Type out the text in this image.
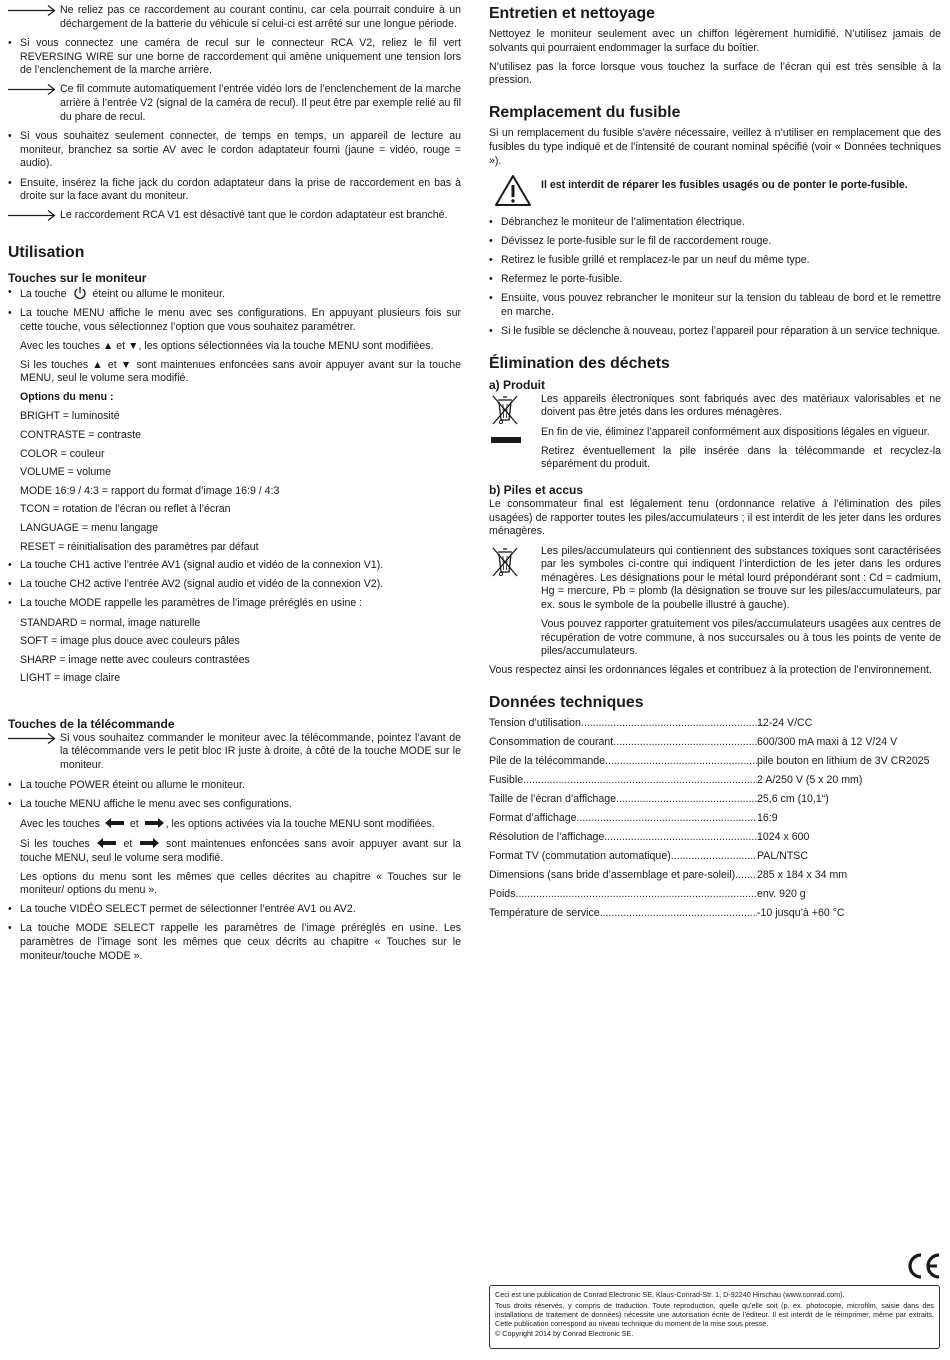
Ne reliez pas ce raccordement au courant continu, car cela pourrait conduire à un déchargement de la batterie du véhicule si celui-ci est arrêté sur une longue période.
• Si vous connectez une caméra de recul sur le connecteur RCA V2, reliez le fil vert REVERSING WIRE sur une borne de raccordement qui amène uniquement une tension lors de l’enclenchement de la marche arrière.
Ce fil commute automatiquement l’entrée vidéo lors de l’enclenchement de la marche arrière à l’entrée V2 (signal de la caméra de recul). Il peut être par exemple relié au fil du phare de recul.
• Si vous souhaitez seulement connecter, de temps en temps, un appareil de lecture au moniteur, branchez sa sortie AV avec le cordon adaptateur fourni (jaune = vidéo, rouge = audio).
• Ensuite, insérez la fiche jack du cordon adaptateur dans la prise de raccordement en bas à droite sur la face avant du moniteur.
Le raccordement RCA V1 est désactivé tant que le cordon adaptateur est branché.
Utilisation
Touches sur le moniteur
• La touche éteint ou allume le moniteur.
• La touche MENU affiche le menu avec ses configurations. En appuyant plusieurs fois sur cette touche, vous sélectionnez l’option que vous souhaitez paramétrer.

Avec les touches ▲ et ▼, les options sélectionnées via la touche MENU sont modifiées.

Si les touches ▲ et ▼ sont maintenues enfoncées sans avoir appuyer avant sur la touche MENU, seul le volume sera modifié.

Options du menu :

BRIGHT = luminosité
CONTRASTE = contraste
COLOR = couleur
VOLUME = volume
MODE 16:9 / 4:3 = rapport du format d’image 16:9 / 4:3
TCON = rotation de l’écran ou reflet à l’écran
LANGUAGE = menu langage
RESET = réinitialisation des paramètres par défaut
• La touche CH1 active l’entrée AV1 (signal audio et vidéo de la connexion V1).
• La touche CH2 active l’entrée AV2 (signal audio et vidéo de la connexion V2).
• La touche MODE rappelle les paramètres de l’image préréglés en usine :
STANDARD = normal, image naturelle
SOFT = image plus douce avec couleurs pâles
SHARP = image nette avec couleurs contrastées
LIGHT = image claire
Touches de la télécommande
Si vous souhaitez commander le moniteur avec la télécommande, pointez l’avant de la télécommande vers le petit bloc IR juste à droite, à côté de la touche MODE sur le moniteur.
• La touche POWER éteint ou allume le moniteur.
• La touche MENU affiche le menu avec ses configurations.

Avec les touches	et	, les options activées via la touche MENU sont modifiées.

Si les touches	et	sont maintenues enfoncées sans avoir appuyer avant sur la touche MENU, seul le volume sera modifié.

Les options du menu sont les mêmes que celles décrites au chapitre « Touches sur le moniteur/ options du menu ».

• La touche VIDÉO SELECT permet de sélectionner l’entrée AV1 ou AV2.
• La touche MODE SELECT rappelle les paramètres de l’image préréglés en usine. Les paramètres de l’image sont les mêmes que ceux décrits au chapitre « Touches sur le moniteur/touche MODE ».
Entretien et nettoyage

Nettoyez le moniteur seulement avec un chiffon légèrement humidifié. N’utilisez jamais de solvants qui pourraient endommager la surface du boîtier.

N’utilisez pas la force lorsque vous touchez la surface de l’écran qui est très sensible à la pression.

Remplacement du fusible

Si un remplacement du fusible s’avère nécessaire, veillez à n’utiliser en remplacement que des fusibles du type indiqué et de l’intensité de courant nominal spécifié (voir « Données techniques »).

Il est interdit de réparer les fusibles usagés ou de ponter le porte-fusible.
• Débranchez le moniteur de l’alimentation électrique.
• Dévissez le porte-fusible sur le fil de raccordement rouge.
• Retirez le fusible grillé et remplacez-le par un neuf du même type.
• Refermez le porte-fusible.
• Ensuite, vous pouvez rebrancher le moniteur sur la tension du tableau de bord et le remettre en marche.
• Si le fusible se déclenche à nouveau, portez l’appareil pour réparation à un service technique.
Élimination des déchets
a) Produit

Les appareils électroniques sont fabriqués avec des matériaux valorisables et ne doivent pas être jetés dans les ordures ménagères.

En fin de vie, éliminez l’appareil conformément aux dispositions légales en vigueur.

Retirez éventuellement la pile insérée dans la télécommande et recyclez-la séparément du produit.

b) Piles et accus

Le consommateur final est légalement tenu (ordonnance relative à l’élimination des piles usagées) de rapporter toutes les piles/accumulateurs ; il est interdit de les jeter dans les ordures ménagères.

Les piles/accumulateurs qui contiennent des substances toxiques sont caractérisées par les symboles ci-contre qui indiquent l’interdiction de les jeter dans les ordures ménagères. Les désignations pour le métal lourd prépondérant sont : Cd = cadmium, Hg = mercure, Pb = plomb (la désignation se trouve sur les piles/accumulateurs, par ex. sous le symbole de la poubelle illustré à gauche).

Vous pouvez rapporter gratuitement vos piles/accumulateurs usagées aux centres de récupération de votre commune, à nos succursales ou à tous les points de vente de piles/accumulateurs.

Vous respectez ainsi les ordonnances légales et contribuez à la protection de l’environnement.

Données techniques
Tension d’utilisation .....	12-24 V/CC
Consommation de courant .....	600/300 mA maxi à 12 V/24 V
Pile de la télécommande .....	pile bouton en lithium de 3V CR2025
Fusible .....	2 A/250 V (5 x 20 mm)
Taille de l’écran d’affichage .....	25,6 cm (10,1“)
Format d’affichage .....	16:9
Résolution de l’affichage .....	1024 x 600
Format TV (commutation automatique) .....	PAL/NTSC
Dimensions (sans bride d’assemblage et pare-soleil) ..... 285 x 184 x 34 mm
Poids .....	env. 920 g
Température de service .....	-10 jusqu’à +60 °C

Ceci est une publication de Conrad Electronic SE, Klaus-Conrad-Str. 1, D-92240 Hirschau (www.conrad.com).

Tous droits réservés, y compris de traduction. Toute reproduction, quelle qu’elle soit (p. ex. photocopie, microfilm, saisie dans des installations de traitement de données) nécessite une autorisation écrite de l’éditeur. Il est interdit de le réimprimer, même par extraits. Cette publication correspond au niveau technique du moment de la mise sous presse.

© Copyright 2014 by Conrad Electronic SE.
